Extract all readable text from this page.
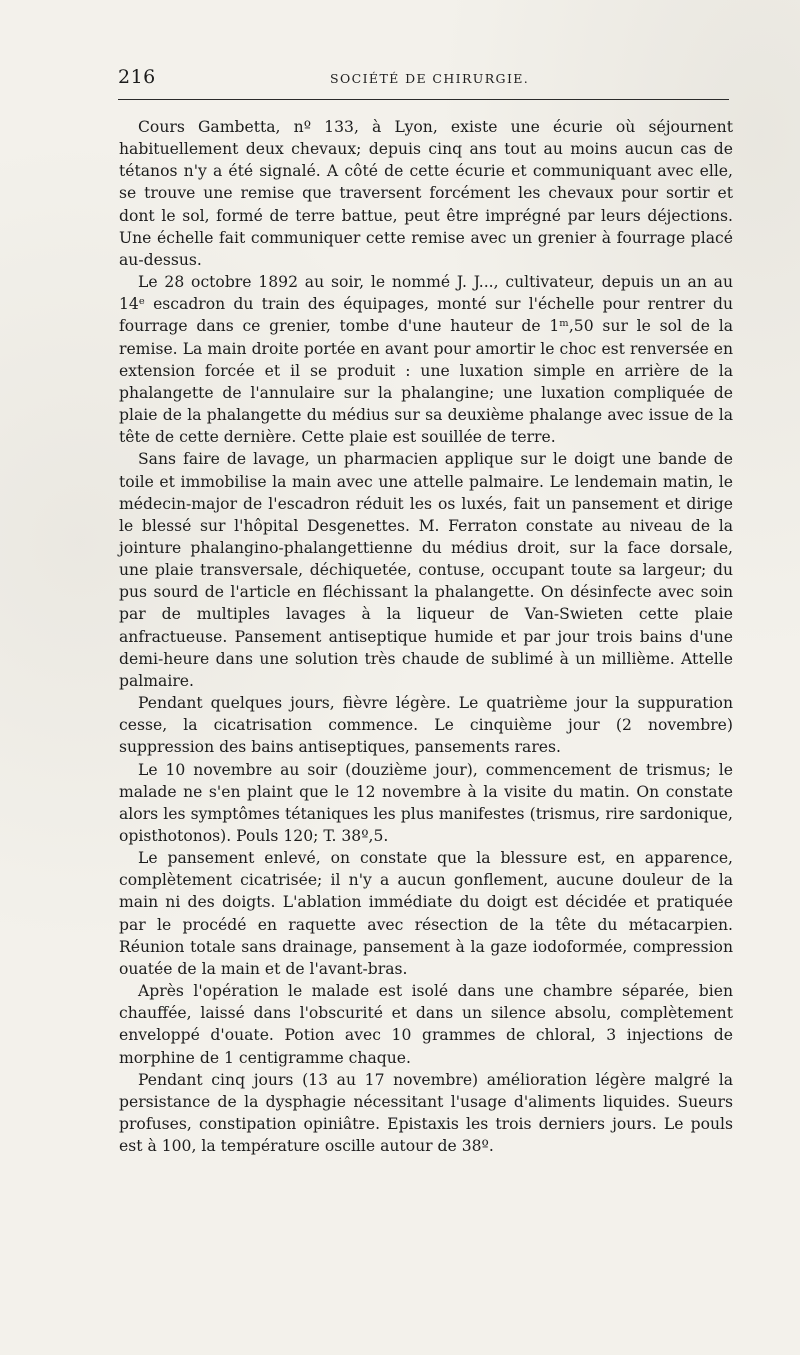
216	SOCIÉTÉ DE CHIRURGIE.

Cours Gambetta, nº 133, à Lyon, existe une écurie où séjournent habituellement deux chevaux; depuis cinq ans tout au moins aucun cas de tétanos n'y a été signalé. A côté de cette écurie et communiquant avec elle, se trouve une remise que traversent forcément les chevaux pour sortir et dont le sol, formé de terre battue, peut être imprégné par leurs déjections. Une échelle fait communiquer cette remise avec un grenier à fourrage placé au-dessus.

Le 28 octobre 1892 au soir, le nommé J. J..., cultivateur, depuis un an au 14ᵉ escadron du train des équipages, monté sur l'échelle pour rentrer du fourrage dans ce grenier, tombe d'une hauteur de 1ᵐ,50 sur le sol de la remise. La main droite portée en avant pour amortir le choc est renversée en extension forcée et il se produit : une luxation simple en arrière de la phalangette de l'annulaire sur la phalangine; une luxation compliquée de plaie de la phalangette du médius sur sa deuxième phalange avec issue de la tête de cette dernière. Cette plaie est souillée de terre.

Sans faire de lavage, un pharmacien applique sur le doigt une bande de toile et immobilise la main avec une attelle palmaire. Le lendemain matin, le médecin-major de l'escadron réduit les os luxés, fait un pansement et dirige le blessé sur l'hôpital Desgenettes. M. Ferraton constate au niveau de la jointure phalangino-phalangettienne du médius droit, sur la face dorsale, une plaie transversale, déchiquetée, contuse, occupant toute sa largeur; du pus sourd de l'article en fléchissant la phalangette. On désinfecte avec soin par de multiples lavages à la liqueur de Van-Swieten cette plaie anfractueuse. Pansement antiseptique humide et par jour trois bains d'une demi-heure dans une solution très chaude de sublimé à un millième. Attelle palmaire.

Pendant quelques jours, fièvre légère. Le quatrième jour la suppuration cesse, la cicatrisation commence. Le cinquième jour (2 novembre) suppression des bains antiseptiques, pansements rares.

Le 10 novembre au soir (douzième jour), commencement de trismus; le malade ne s'en plaint que le 12 novembre à la visite du matin. On constate alors les symptômes tétaniques les plus manifestes (trismus, rire sardonique, opisthotonos). Pouls 120; T. 38º,5.

Le pansement enlevé, on constate que la blessure est, en apparence, complètement cicatrisée; il n'y a aucun gonflement, aucune douleur de la main ni des doigts. L'ablation immédiate du doigt est décidée et pratiquée par le procédé en raquette avec résection de la tête du métacarpien. Réunion totale sans drainage, pansement à la gaze iodoformée, compression ouatée de la main et de l'avant-bras.

Après l'opération le malade est isolé dans une chambre séparée, bien chauffée, laissé dans l'obscurité et dans un silence absolu, complètement enveloppé d'ouate. Potion avec 10 grammes de chloral, 3 injections de morphine de 1 centigramme chaque.

Pendant cinq jours (13 au 17 novembre) amélioration légère malgré la persistance de la dysphagie nécessitant l'usage d'aliments liquides. Sueurs profuses, constipation opiniâtre. Epistaxis les trois derniers jours. Le pouls est à 100, la température oscille autour de 38º.
